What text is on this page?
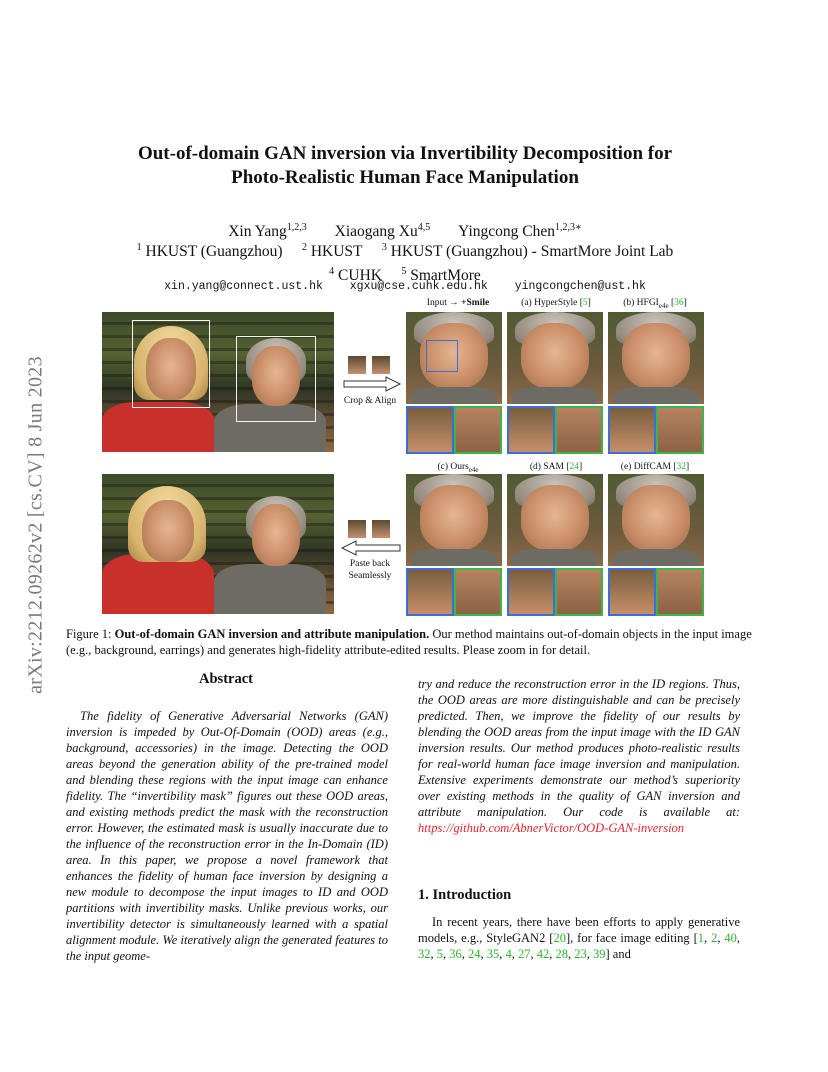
arXiv:2212.09262v2 [cs.CV] 8 Jun 2023
Out-of-domain GAN inversion via Invertibility Decomposition for
Photo-Realistic Human Face Manipulation
Xin Yang$^{1,2,3}$ Xiaogang Xu$^{4,5}$ Yingcong Chen$^{1,2,3∗}$
$^1$ HKUST (Guangzhou) $^2$ HKUST $^3$ HKUST (Guangzhou) - SmartMore Joint Lab
$^4$ CUHK $^5$ SmartMore
xin.yang@connect.ust.hk xgxu@cse.cuhk.edu.hk yingcongchen@ust.hk
Crop & Align
Paste back
Seamlessly
Input → +Smile	(a) HyperStyle [5]	(b) $HFGI_{e4e}$ [36]
(c) Ours$_{e4e}$	(d) SAM [24]	(e) DiffCAM [32]
Figure 1: Out-of-domain GAN inversion and attribute manipulation. Our method maintains out-of-domain objects in the input image (e.g., background, earrings) and generates high-fidelity attribute-edited results. Please zoom in for detail.
Abstract
The fidelity of Generative Adversarial Networks (GAN) inversion is impeded by Out-Of-Domain (OOD) areas (e.g., background, accessories) in the image. Detecting the OOD areas beyond the generation ability of the pre-trained model and blending these regions with the input image can enhance fidelity. The “invertibility mask” figures out these OOD areas, and existing methods predict the mask with the reconstruction error. However, the estimated mask is usually inaccurate due to the influence of the reconstruction error in the In-Domain (ID) area. In this paper, we propose a novel framework that enhances the fidelity of human face inversion by designing a new module to decompose the input images to ID and OOD partitions with invertibility masks. Unlike previous works, our invertibility detector is simultaneously learned with a spatial alignment module. We iteratively align the generated features to the input geome-
try and reduce the reconstruction error in the ID regions. Thus, the OOD areas are more distinguishable and can be precisely predicted. Then, we improve the fidelity of our results by blending the OOD areas from the input image with the ID GAN inversion results. Our method produces photo-realistic results for real-world human face image inversion and manipulation. Extensive experiments demonstrate our method’s superiority over existing methods in the quality of GAN inversion and attribute manipulation. Our code is available at: https://github.com/AbnerVictor/OOD-GAN-inversion
1. Introduction
In recent years, there have been efforts to apply generative models, e.g., StyleGAN2 [20], for face image editing [1, 2, 40, 32, 5, 36, 24, 35, 4, 27, 42, 28, 23, 39] and
